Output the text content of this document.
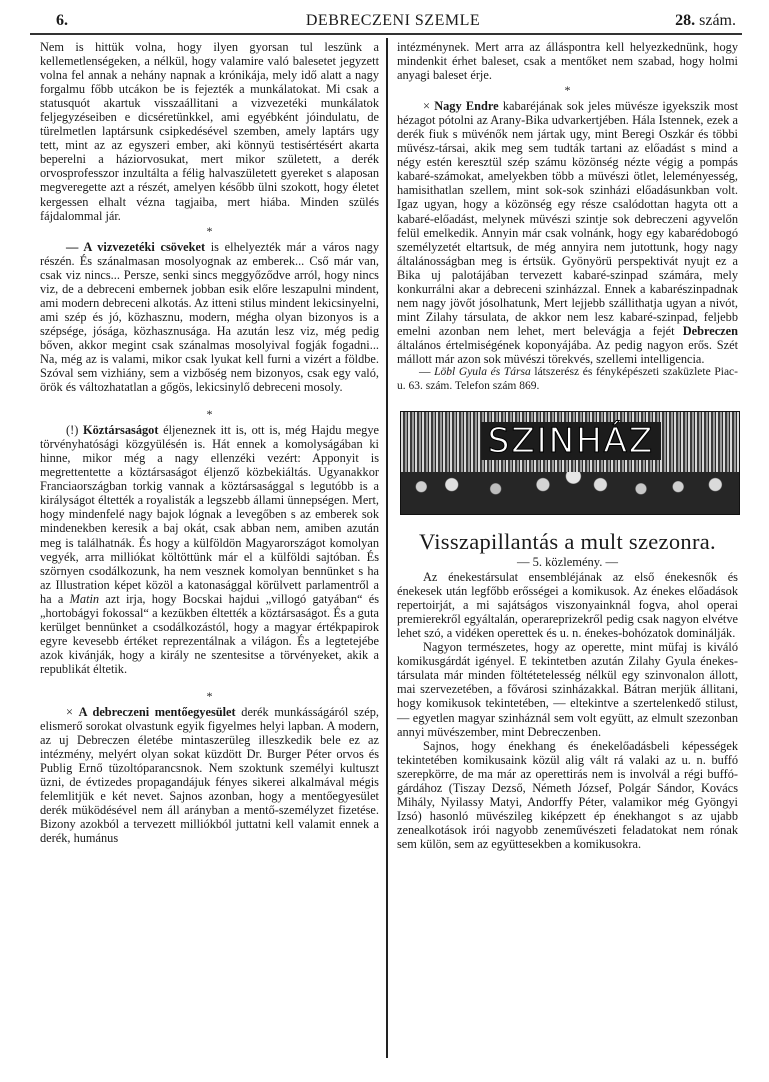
6.	DEBRECZENI SZEMLE	28. szám.

Nem is hittük volna, hogy ilyen gyorsan tul leszünk a kellemetlenségeken, a nélkül, hogy valamire való balesetet jegyzett volna fel annak a nehány napnak a krónikája, mely idő alatt a nagy forgalmu főbb utcákon be is fejezték a munkálatokat. Mi csak a statusquót akartuk visszaállitani a vizvezetéki munkálatok feljegyzéseiben e dicséretünkkel, ami egyébként jóindulatu, de türelmetlen laptársunk csipkedésével szemben, amely laptárs ugy tett, mint az az egyszeri ember, aki könnyü testisértésért akarta beperelni a háziorvosukat, mert mikor született, a derék orvosprofesszor inzultálta a félig halvaszületett gyereket s alaposan megveregette azt a részét, amelyen később ülni szokott, hogy életet kergessen elhalt vézna tagjaiba, mert hiába. Minden szülés fájdalommal jár.

*

— A vizvezetéki csöveket is elhelyezték már a város nagy részén. És szánalmasan mosolyognak az emberek... Cső már van, csak viz nincs... Persze, senki sincs meggyőződve arról, hogy nincs viz, de a debreceni embernek jobban esik előre leszapulni mindent, ami modern debreceni alkotás. Az itteni stilus mindent lekicsinyelni, ami szép és jó, közhasznu, modern, mégha olyan bizonyos is a szépsége, jósága, közhasznusága. Ha azután lesz viz, még pedig bőven, akkor megint csak szánalmas mosolyival fogják fogadni... Na, még az is valami, mikor csak lyukat kell furni a vizért a földbe. Szóval sem vizhiány, sem a vizbőség nem bizonyos, csak egy való, örök és változhatatlan a gőgös, lekicsinylő debreceni mosoly.

*

(!) Köztársaságot éljeneznek itt is, ott is, még Hajdu megye törvényhatósági közgyülésén is. Hát ennek a komolyságában ki hinne, mikor még a nagy ellenzéki vezért: Apponyit is megrettentette a köztársaságot éljenző közbekiáltás. Ugyanakkor Franciaországban torkig vannak a köztársasággal s legutóbb is a királyságot éltették a royalisták a legszebb állami ünnepségen. Mert, hogy mindenfelé nagy bajok lógnak a levegőben s az emberek sok mindenekben keresik a baj okát, csak abban nem, amiben azután meg is találhatnák. És hogy a külföldön Magyarországot komolyan vegyék, arra milliókat költöttünk már el a külföldi sajtóban. És szörnyen csodálkozunk, ha nem vesznek komolyan bennünket s ha az Illustration képet közöl a katonasággal körülvett parlamentről a ha a Matin azt irja, hogy Bocskai hajdui „villogó gatyában“ és „hortobágyi fokossal“ a kezükben éltették a köztársaságot. És a guta kerülget bennünket a csodálkozástól, hogy a magyar értékpapirok egyre kevesebb értéket reprezentálnak a világon. És a legtetejébe azok kivánják, hogy a király ne szentesitse a törvényeket, akik a republikát éltetik.

*

× A debreczeni mentőegyesület derék munkásságáról szép, elismerő sorokat olvastunk egyik figyelmes helyi lapban. A modern, az uj Debreczen életébe mintaszerüleg illeszkedik bele ez az intézmény, melyért olyan sokat küzdött Dr. Burger Péter orvos és Publig Ernő tüzoltóparancsnok. Nem szoktunk személyi kultuszt üzni, de évtizedes propagandájuk fényes sikerei alkalmával mégis felemlitjük e két nevet. Sajnos azonban, hogy a mentőegyesület derék müködésével nem áll arányban a mentő-személyzet fizetése. Bizony azokból a tervezett milliókból juttatni kell valamit ennek a derék, humánus

intézménynek. Mert arra az álláspontra kell helyezkednünk, hogy mindenkit érhet baleset, csak a mentőket nem szabad, hogy holmi anyagi baleset érje.

*

× Nagy Endre kabaréjának sok jeles müvésze igyekszik most hézagot pótolni az Arany-Bika udvarkertjében. Hála Istennek, ezek a derék fiuk s müvénők nem jártak ugy, mint Beregi Oszkár és többi müvész-társai, akik meg sem tudták tartani az előadást s mind a négy estén keresztül szép számu közönség nézte végig a pompás kabaré-számokat, amelyekben több a müvészi ötlet, leleményesség, hamisithatlan szellem, mint sok-sok szinházi előadásunkban volt. Igaz ugyan, hogy a közönség egy része csalódottan hagyta ott a kabaré-előadást, melynek müvészi szintje sok debreczeni agyvelőn felül emelkedik. Annyin már csak volnánk, hogy egy kabarédobogó személyzetét eltartsuk, de még annyira nem jutottunk, hogy nagy általánosságban meg is értsük. Gyönyörü perspektivát nyujt ez a Bika uj palotájában tervezett kabaré-szinpad számára, mely konkurrálni akar a debreceni szinházzal. Ennek a kabarészinpadnak nem nagy jövőt jósolhatunk, Mert lejjebb szállithatja ugyan a nivót, mint Zilahy társulata, de akkor nem lesz kabaré-szinpad, feljebb emelni azonban nem lehet, mert belevágja a fejét Debreczen általános értelmiségének koponyájába. Az pedig nagyon erős. Szét mállott már azon sok müvészi törekvés, szellemi intelligencia.

— Löbl Gyula és Társa látszerész és fényképészeti szaküzlete Piac-u. 63. szám. Telefon szám 869.

SZINHÁZ
Visszapillantás a mult szezonra.
— 5. közlemény. —

Az énekestársulat ensembléjának az első énekesnők és énekesek után legfőbb erősségei a komikusok. Az énekes előadások repertoirját, a mi sajátságos viszonyainknál fogva, ahol operai premierekről egyáltalán, operareprizekről pedig csak nagyon elvétve lehet szó, a vidéken operettek és u. n. énekes-bohózatok dominálják.

Nagyon természetes, hogy az operette, mint müfaj is kiváló komikusgárdát igényel. E tekintetben azután Zilahy Gyula énekes-társulata már minden föltétetelesség nélkül egy szinvonalon állott, mai szervezetében, a fővárosi szinházakkal. Bátran merjük állitani, hogy komikusok tekintetében, — eltekintve a szertelenkedő stilust, — egyetlen magyar szinháznál sem volt együtt, az elmult szezonban annyi müvészember, mint Debreczenben.

Sajnos, hogy énekhang és énekelőadásbeli képességek tekintetében komikusaink közül alig vált rá valaki az u. n. buffó szerepkörre, de ma már az operettirás nem is involvál a régi buffó-gárdához (Tiszay Dezső, Németh József, Polgár Sándor, Kovács Mihály, Nyilassy Matyi, Andorffy Péter, valamikor még Gyöngyi Izsó) hasonló müvészileg kiképzett ép énekhangot s az ujabb zenealkotások irói nagyobb zeneművészeti feladatokat nem rónak sem külön, sem az együttesekben a komikusokra.
